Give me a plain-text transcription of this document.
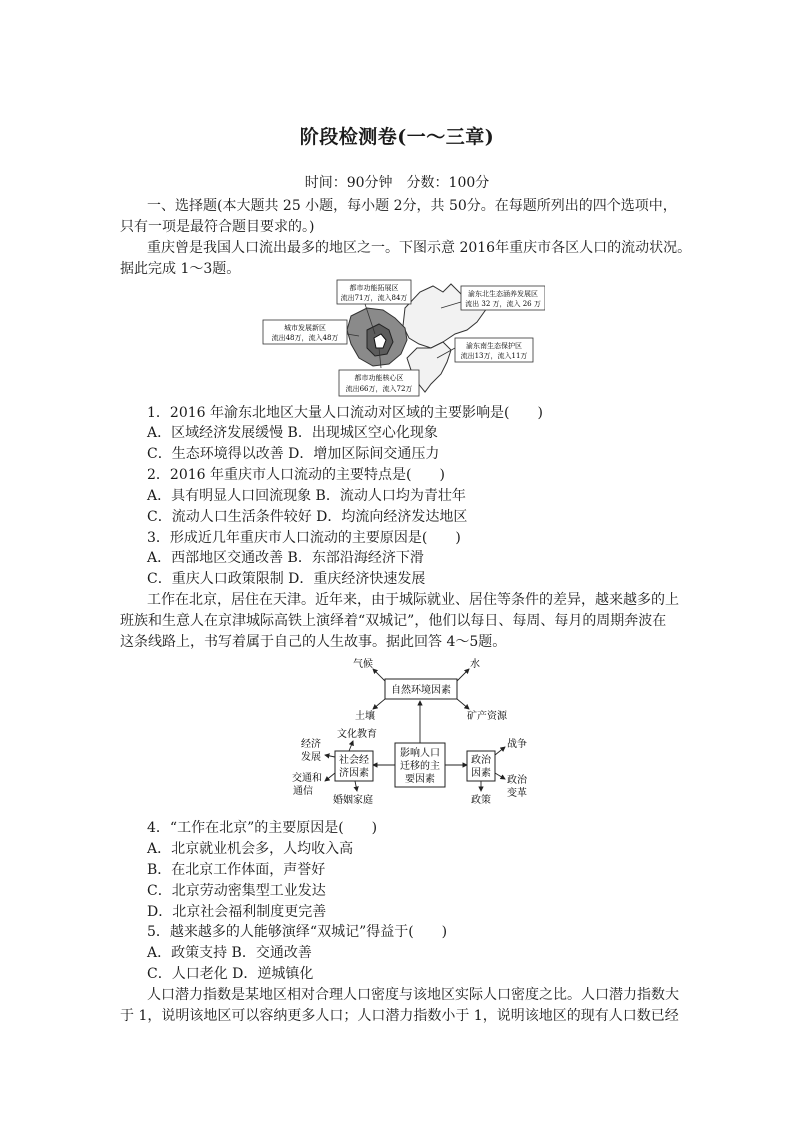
阶段检测卷(一～三章)
时间：90分钟　分数：100分
一、选择题(本大题共 25 小题，每小题 2分，共 50分。在每题所列出的四个选项中，
只有一项是最符合题目要求的。)
重庆曾是我国人口流出最多的地区之一。下图示意 2016年重庆市各区人口的流动状况。
据此完成 1～3题。
都市功能拓展区
流出71万，流入84万	渝东北生态涵养发展区
流出 32 万，流入 26 万
城市发展新区
流出48万，流入48万
渝东南生态保护区
流出13万，流入11万
都市功能核心区
流出66万，流入72万
1．2016 年渝东北地区大量人口流动对区域的主要影响是(　　)
A．区域经济发展缓慢 B．出现城区空心化现象
C．生态环境得以改善 D．增加区际间交通压力
2．2016 年重庆市人口流动的主要特点是(　　)
A．具有明显人口回流现象 B．流动人口均为青壮年
C．流动人口生活条件较好 D．均流向经济发达地区
3．形成近几年重庆市人口流动的主要原因是(　　)
A．西部地区交通改善 B．东部沿海经济下滑
C．重庆人口政策限制 D．重庆经济快速发展
工作在北京，居住在天津。近年来，由于城际就业、居住等条件的差异，越来越多的上
班族和生意人在京津城际高铁上演绎着“双城记”，他们以每日、每周、每月的周期奔波在
这条线路上，书写着属于自己的人生故事。据此回答 4～5题。
自然环境因素
影响人口
迁移的主
要因素
社会经
济因素
政治
因素
气候	水
土壤	矿产资源
文化教育
经济
发展
交通和
通信
婚姻家庭
战争
政治
变革
政策
4．“工作在北京”的主要原因是(　　)
A．北京就业机会多，人均收入高
B．在北京工作体面，声誉好
C．北京劳动密集型工业发达
D．北京社会福利制度更完善
5．越来越多的人能够演绎“双城记”得益于(　　)
A．政策支持 B．交通改善
C．人口老化 D．逆城镇化
人口潜力指数是某地区相对合理人口密度与该地区实际人口密度之比。人口潜力指数大
于 1，说明该地区可以容纳更多人口；人口潜力指数小于 1，说明该地区的现有人口数已经
